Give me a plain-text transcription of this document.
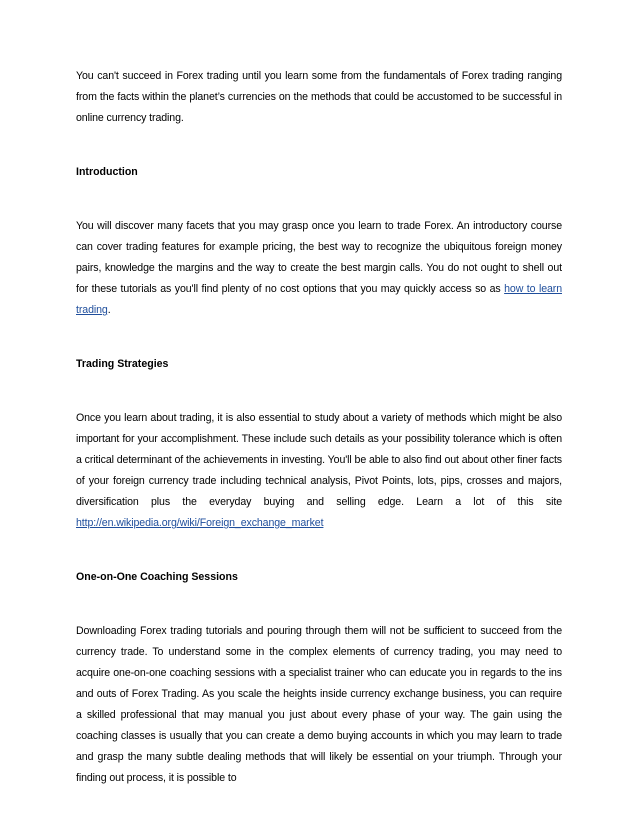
You can't succeed in Forex trading until you learn some from the fundamentals of Forex trading ranging from the facts within the planet’s currencies on the methods that could be accustomed to be successful in online currency trading.

Introduction

You will discover many facets that you may grasp once you learn to trade Forex. An introductory course can cover trading features for example pricing, the best way to recognize the ubiquitous foreign money pairs, knowledge the margins and the way to create the best margin calls. You do not ought to shell out for these tutorials as you'll find plenty of no cost options that you may quickly access so as how to learn trading.

Trading Strategies

Once you learn about trading, it is also essential to study about a variety of methods which might be also important for your accomplishment. These include such details as your possibility tolerance which is often a critical determinant of the achievements in investing. You'll be able to also find out about other finer facts of your foreign currency trade including technical analysis, Pivot Points, lots, pips, crosses and majors, diversification plus the everyday buying and selling edge. Learn a lot of this site http://en.wikipedia.org/wiki/Foreign_exchange_market

One-on-One Coaching Sessions

Downloading Forex trading tutorials and pouring through them will not be sufficient to succeed from the currency trade. To understand some in the complex elements of currency trading, you may need to acquire one-on-one coaching sessions with a specialist trainer who can educate you in regards to the ins and outs of Forex Trading. As you scale the heights inside currency exchange business, you can require a skilled professional that may manual you just about every phase of your way. The gain using the coaching classes is usually that you can create a demo buying accounts in which you may learn to trade and grasp the many subtle dealing methods that will likely be essential on your triumph. Through your finding out process, it is possible to
